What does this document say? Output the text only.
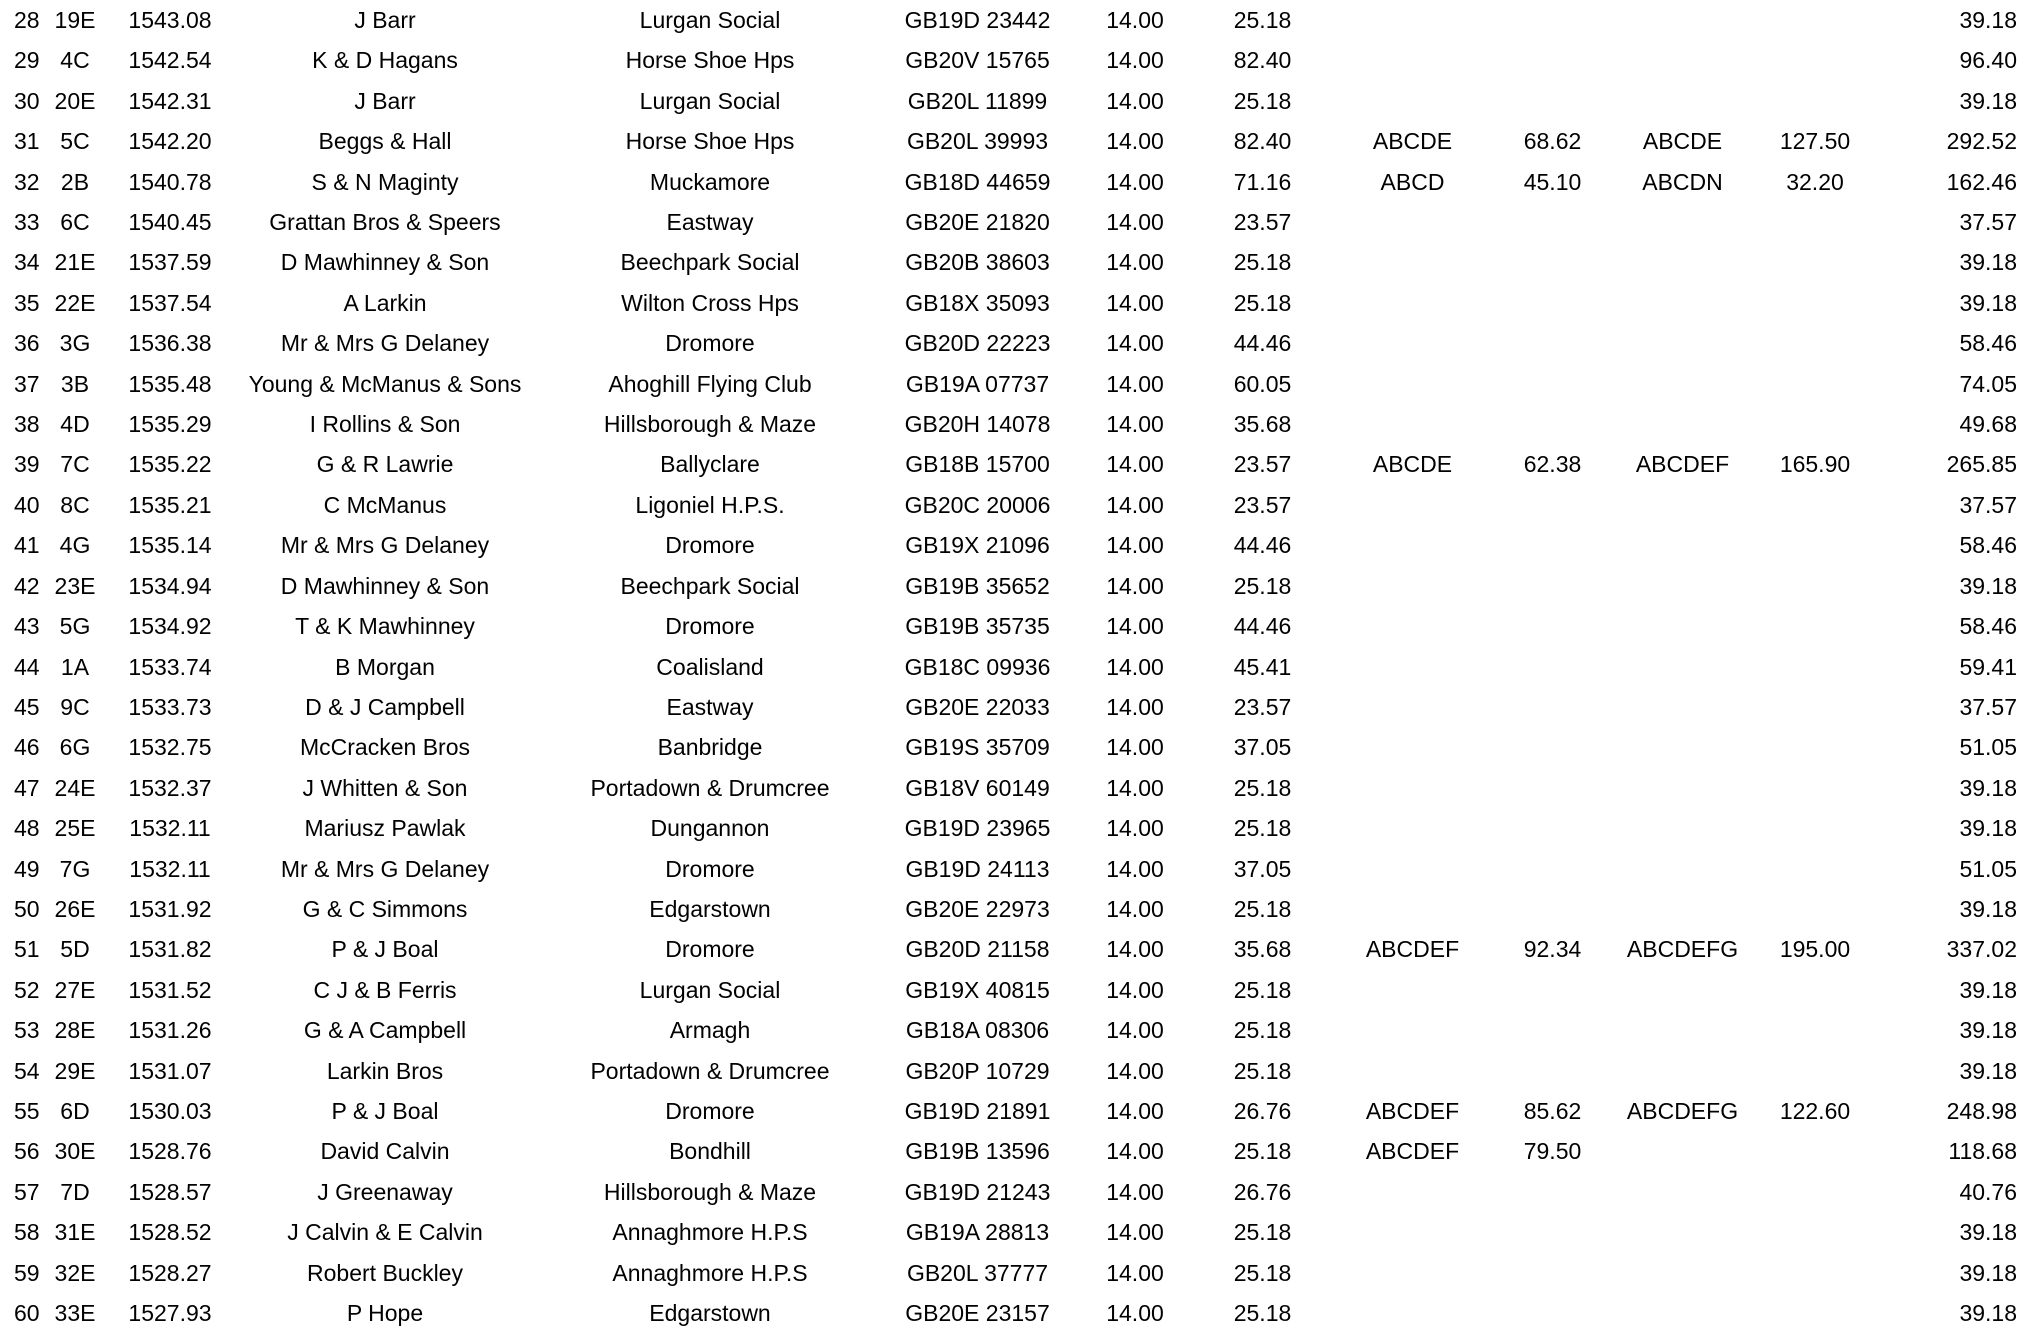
28	19E	1543.08	J Barr	Lurgan Social	GB19D 23442	14.00	25.18					39.18
29	4C	1542.54	K & D Hagans	Horse Shoe Hps	GB20V 15765	14.00	82.40					96.40
30	20E	1542.31	J Barr	Lurgan Social	GB20L 11899	14.00	25.18					39.18
31	5C	1542.20	Beggs & Hall	Horse Shoe Hps	GB20L 39993	14.00	82.40	ABCDE	68.62	ABCDE	127.50	292.52
32	2B	1540.78	S & N Maginty	Muckamore	GB18D 44659	14.00	71.16	ABCD	45.10	ABCDN	32.20	162.46
33	6C	1540.45	Grattan Bros & Speers	Eastway	GB20E 21820	14.00	23.57					37.57
34	21E	1537.59	D Mawhinney & Son	Beechpark Social	GB20B 38603	14.00	25.18					39.18
35	22E	1537.54	A Larkin	Wilton Cross Hps	GB18X 35093	14.00	25.18					39.18
36	3G	1536.38	Mr & Mrs G Delaney	Dromore	GB20D 22223	14.00	44.46					58.46
37	3B	1535.48	Young & McManus & Sons	Ahoghill Flying Club	GB19A 07737	14.00	60.05					74.05
38	4D	1535.29	I Rollins & Son	Hillsborough & Maze	GB20H 14078	14.00	35.68					49.68
39	7C	1535.22	G & R Lawrie	Ballyclare	GB18B 15700	14.00	23.57	ABCDE	62.38	ABCDEF	165.90	265.85
40	8C	1535.21	C McManus	Ligoniel H.P.S.	GB20C 20006	14.00	23.57					37.57
41	4G	1535.14	Mr & Mrs G Delaney	Dromore	GB19X 21096	14.00	44.46					58.46
42	23E	1534.94	D Mawhinney & Son	Beechpark Social	GB19B 35652	14.00	25.18					39.18
43	5G	1534.92	T & K Mawhinney	Dromore	GB19B 35735	14.00	44.46					58.46
44	1A	1533.74	B Morgan	Coalisland	GB18C 09936	14.00	45.41					59.41
45	9C	1533.73	D & J Campbell	Eastway	GB20E 22033	14.00	23.57					37.57
46	6G	1532.75	McCracken Bros	Banbridge	GB19S 35709	14.00	37.05					51.05
47	24E	1532.37	J Whitten & Son	Portadown & Drumcree	GB18V 60149	14.00	25.18					39.18
48	25E	1532.11	Mariusz Pawlak	Dungannon	GB19D 23965	14.00	25.18					39.18
49	7G	1532.11	Mr & Mrs G Delaney	Dromore	GB19D 24113	14.00	37.05					51.05
50	26E	1531.92	G & C Simmons	Edgarstown	GB20E 22973	14.00	25.18					39.18
51	5D	1531.82	P & J Boal	Dromore	GB20D 21158	14.00	35.68	ABCDEF	92.34	ABCDEFG	195.00	337.02
52	27E	1531.52	C J & B Ferris	Lurgan Social	GB19X 40815	14.00	25.18					39.18
53	28E	1531.26	G & A Campbell	Armagh	GB18A 08306	14.00	25.18					39.18
54	29E	1531.07	Larkin Bros	Portadown & Drumcree	GB20P 10729	14.00	25.18					39.18
55	6D	1530.03	P & J Boal	Dromore	GB19D 21891	14.00	26.76	ABCDEF	85.62	ABCDEFG	122.60	248.98
56	30E	1528.76	David Calvin	Bondhill	GB19B 13596	14.00	25.18	ABCDEF	79.50			118.68
57	7D	1528.57	J Greenaway	Hillsborough & Maze	GB19D 21243	14.00	26.76					40.76
58	31E	1528.52	J Calvin & E Calvin	Annaghmore H.P.S	GB19A 28813	14.00	25.18					39.18
59	32E	1528.27	Robert Buckley	Annaghmore H.P.S	GB20L 37777	14.00	25.18					39.18
60	33E	1527.93	P Hope	Edgarstown	GB20E 23157	14.00	25.18					39.18
